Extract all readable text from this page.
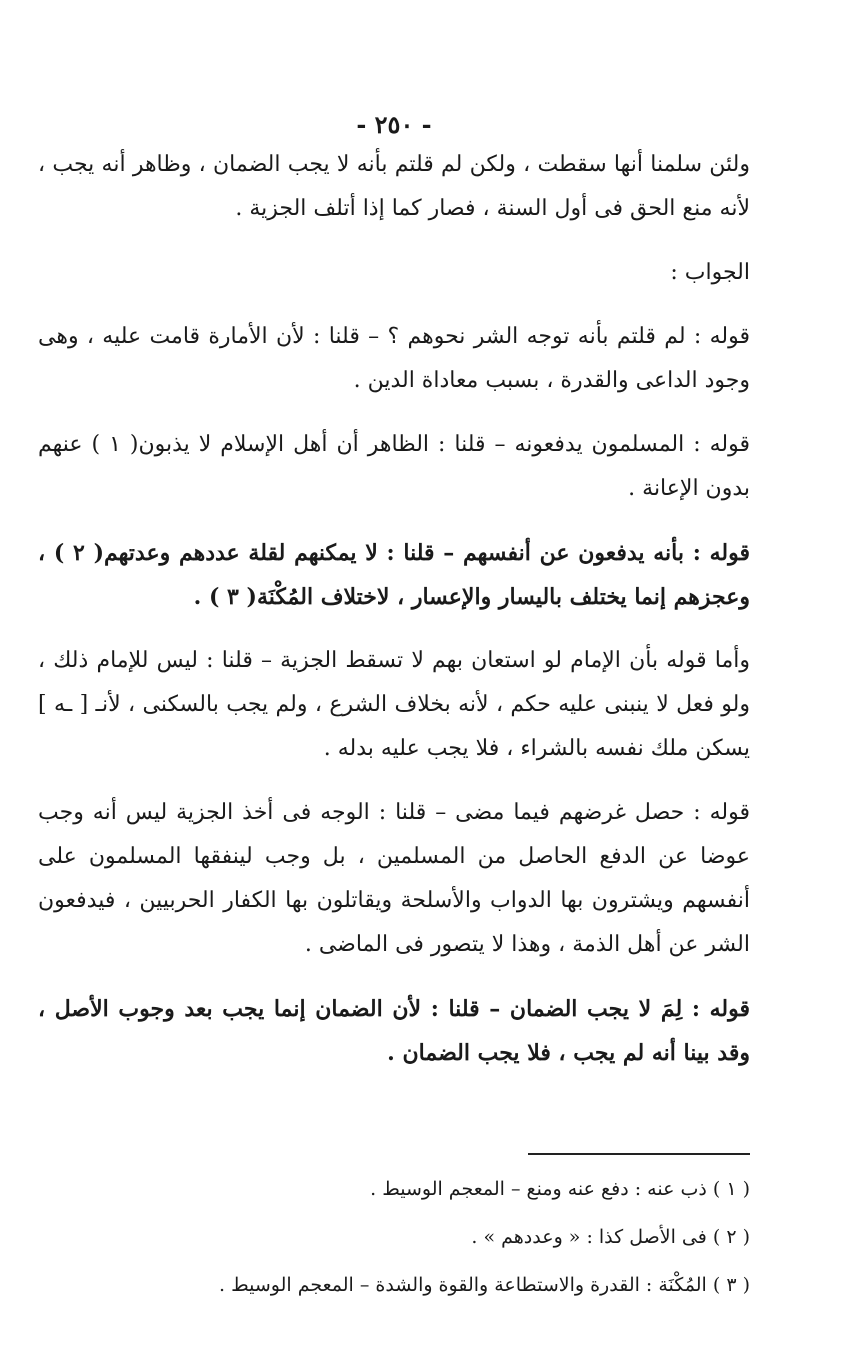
- ٢٥٠ -

ولئن سلمنا أنها سقطت ، ولكن لم قلتم بأنه لا يجب الضمان ، وظاهر أنه يجب ، لأنه منع الحق فى أول السنة ، فصار كما إذا أتلف الجزية .

الجواب :

قوله : لم قلتم بأنه توجه الشر نحوهم ؟ – قلنا : لأن الأمارة قامت عليه ، وهى وجود الداعى والقدرة ، بسبب معاداة الدين .

قوله : المسلمون يدفعونه – قلنا : الظاهر أن أهل الإسلام لا يذبون( ١ ) عنهم بدون الإعانة .

قوله : بأنه يدفعون عن أنفسهم – قلنا : لا يمكنهم لقلة عددهم وعدتهم( ٢ ) ، وعجزهم إنما يختلف باليسار والإعسار ، لاختلاف المُكْنَة( ٣ ) .

وأما قوله بأن الإمام لو استعان بهم لا تسقط الجزية – قلنا : ليس للإمام ذلك ، ولو فعل لا ينبنى عليه حكم ، لأنه بخلاف الشرع ، ولم يجب بالسكنى ، لأنـ [ ـه ] يسكن ملك نفسه بالشراء ، فلا يجب عليه بدله .

قوله : حصل غرضهم فيما مضى – قلنا : الوجه فى أخذ الجزية ليس أنه وجب عوضا عن الدفع الحاصل من المسلمين ، بل وجب لينفقها المسلمون على أنفسهم ويشترون بها الدواب والأسلحة ويقاتلون بها الكفار الحربيين ، فيدفعون الشر عن أهل الذمة ، وهذا لا يتصور فى الماضى .

قوله : لِمَ لا يجب الضمان – قلنا : لأن الضمان إنما يجب بعد وجوب الأصل ، وقد بينا أنه لم يجب ، فلا يجب الضمان .

( ١ ) ذب عنه : دفع عنه ومنع – المعجم الوسيط .

( ٢ ) فى الأصل كذا : « وعددهم » .

( ٣ ) المُكْنَة : القدرة والاستطاعة والقوة والشدة – المعجم الوسيط .
